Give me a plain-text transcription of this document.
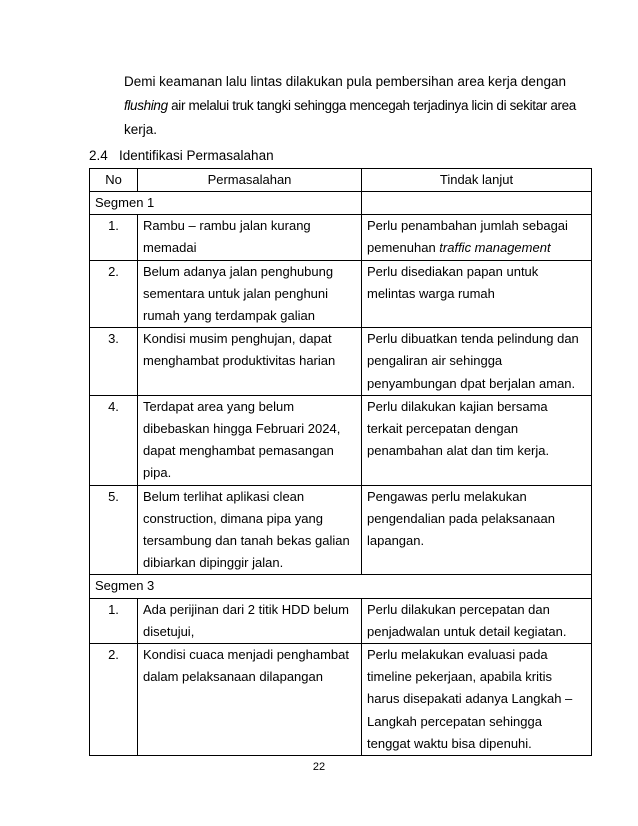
Demi keamanan lalu lintas dilakukan pula pembersihan area kerja dengan
flushing air melalui truk tangki sehingga mencegah terjadinya licin di sekitar area
kerja.
2.4 Identifikasi Permasalahan
No	Permasalahan	Tindak lanjut
Segmen 1		
1.	Rambu – rambu jalan kurang memadai	Perlu penambahan jumlah sebagai pemenuhan traffic management
2.	Belum adanya jalan penghubung sementara untuk jalan penghuni rumah yang terdampak galian	Perlu disediakan papan untuk melintas warga rumah
3.	Kondisi musim penghujan, dapat menghambat produktivitas harian	Perlu dibuatkan tenda pelindung dan pengaliran air sehingga penyambungan dpat berjalan aman.
4.	Terdapat area yang belum dibebaskan hingga Februari 2024, dapat menghambat pemasangan pipa.	Perlu dilakukan kajian bersama terkait percepatan dengan penambahan alat dan tim kerja.
5.	Belum terlihat aplikasi clean construction, dimana pipa yang tersambung dan tanah bekas galian dibiarkan dipinggir jalan.	Pengawas perlu melakukan pengendalian pada pelaksanaan lapangan.
Segmen 3		
1.	Ada perijinan dari 2 titik HDD belum disetujui,	Perlu dilakukan percepatan dan penjadwalan untuk detail kegiatan.
2.	Kondisi cuaca menjadi penghambat dalam pelaksanaan dilapangan	Perlu melakukan evaluasi pada timeline pekerjaan, apabila kritis harus disepakati adanya Langkah – Langkah percepatan sehingga tenggat waktu bisa dipenuhi.
22
